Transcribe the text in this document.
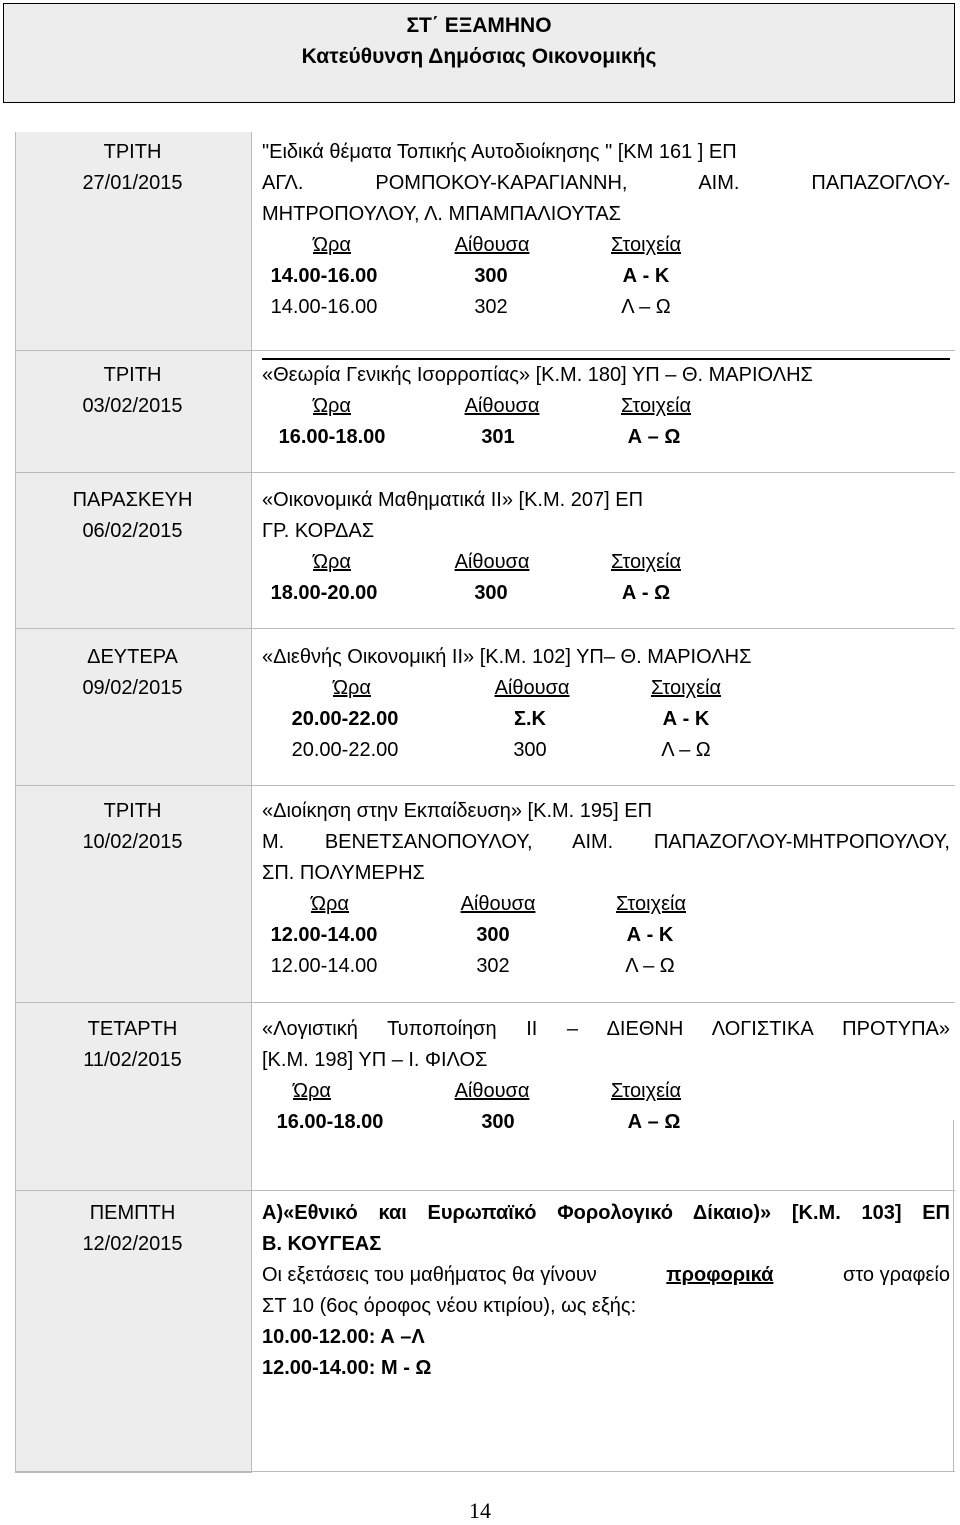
ΣΤ΄ ΕΞΑΜΗΝΟ
Κατεύθυνση Δημόσιας Οικονομικής
ΤΡΙΤΗ
27/01/2015
"Ειδικά θέματα Τοπικής Αυτοδιοίκησης " [ΚΜ 161 ] ΕΠ
ΑΓΛ. ΡΟΜΠΟΚΟΥ-ΚΑΡΑΓΙΑΝΝΗ, ΑΙΜ. ΠΑΠΑΖΟΓΛΟΥ-
ΜΗΤΡΟΠΟΥΛΟΥ, Λ. ΜΠΑΜΠΑΛΙΟΥΤΑΣ
Ώρα	Αίθουσα	Στοιχεία
14.00-16.00	300	Α - Κ
14.00-16.00	302	Λ – Ω
ΤΡΙΤΗ
03/02/2015
«Θεωρία Γενικής Ισορροπίας» [Κ.Μ. 180] ΥΠ – Θ. ΜΑΡΙΟΛΗΣ
Ώρα	Αίθουσα	Στοιχεία
16.00-18.00	301	Α – Ω
ΠΑΡΑΣΚΕΥΗ
06/02/2015
«Οικονομικά Μαθηματικά ΙΙ» [Κ.Μ. 207] ΕΠ
ΓΡ. ΚΟΡΔΑΣ
Ώρα	Αίθουσα	Στοιχεία
18.00-20.00	300	Α - Ω
ΔΕΥΤΕΡΑ
09/02/2015
«Διεθνής Οικονομική ΙΙ» [Κ.Μ. 102] ΥΠ– Θ. ΜΑΡΙΟΛΗΣ
Ώρα	Αίθουσα	Στοιχεία
20.00-22.00	Σ.Κ	Α - Κ
20.00-22.00	300	Λ – Ω
ΤΡΙΤΗ
10/02/2015
«Διοίκηση στην Εκπαίδευση» [Κ.Μ. 195] ΕΠ
Μ. ΒΕΝΕΤΣΑΝΟΠΟΥΛΟΥ, ΑΙΜ. ΠΑΠΑΖΟΓΛΟΥ-ΜΗΤΡΟΠΟΥΛΟΥ,
ΣΠ. ΠΟΛΥΜΕΡΗΣ
Ώρα	Αίθουσα	Στοιχεία
12.00-14.00	300	Α - Κ
12.00-14.00	302	Λ – Ω
ΤΕΤΑΡΤΗ
11/02/2015
«Λογιστική Τυποποίηση ΙΙ – ΔΙΕΘΝΗ ΛΟΓΙΣΤΙΚΑ ΠΡΟΤΥΠΑ»
[Κ.Μ. 198] ΥΠ – Ι. ΦΙΛΟΣ
Ώρα	Αίθουσα	Στοιχεία
16.00-18.00	300	Α – Ω
ΠΕΜΠΤΗ
12/02/2015
Α)«Εθνικό και Ευρωπαϊκό Φορολογικό Δίκαιο)» [Κ.Μ. 103] ΕΠ
Β. ΚΟΥΓΕΑΣ
Οι εξετάσεις του μαθήματος θα γίνουν	προφορικά	στο γραφείο
ΣΤ 10 (6ος όροφος νέου κτιρίου), ως εξής:
10.00-12.00: Α –Λ
12.00-14.00: Μ - Ω
14
